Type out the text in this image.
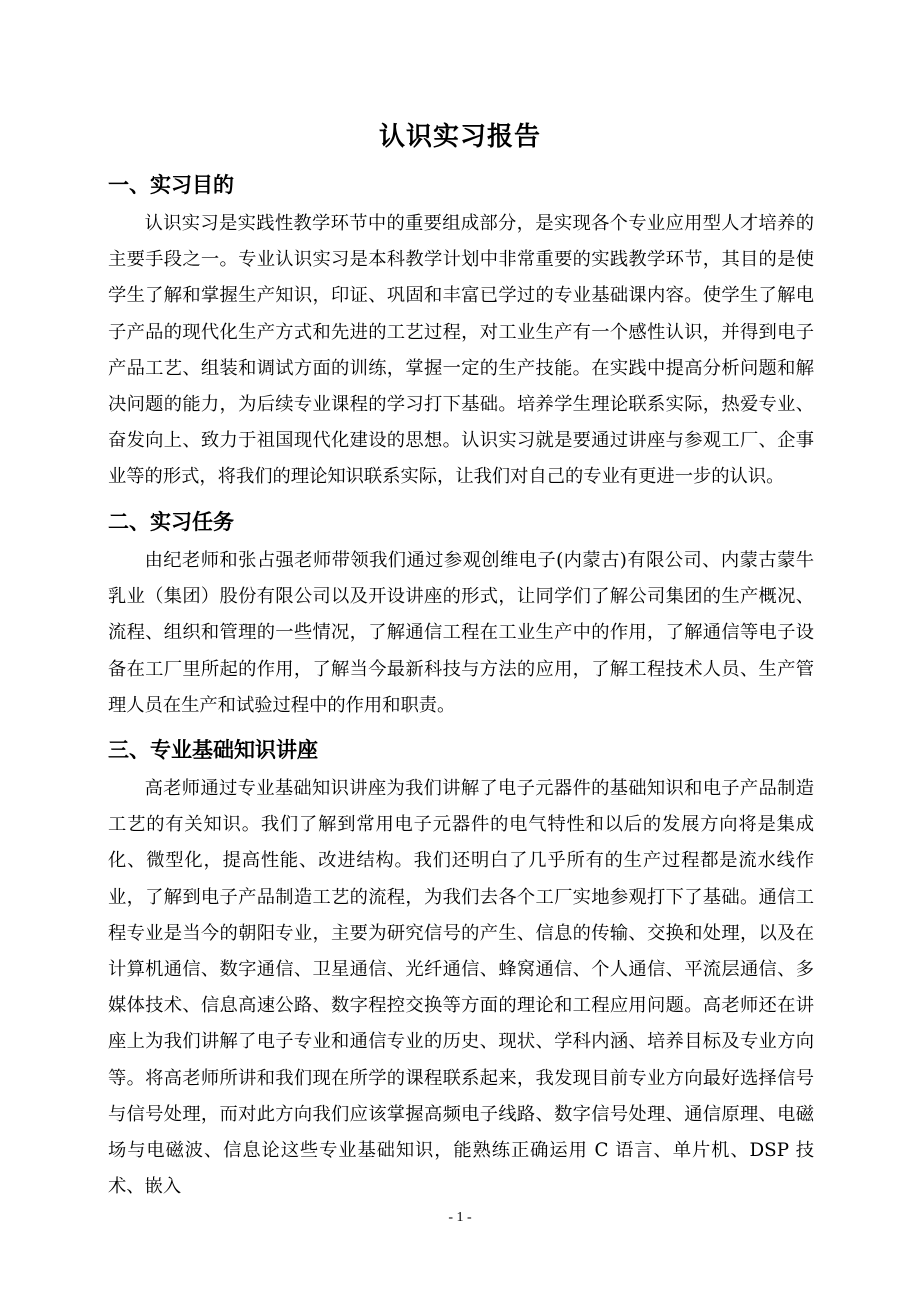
认识实习报告
一、实习目的
认识实习是实践性教学环节中的重要组成部分，是实现各个专业应用型人才培养的主要手段之一。专业认识实习是本科教学计划中非常重要的实践教学环节，其目的是使学生了解和掌握生产知识，印证、巩固和丰富已学过的专业基础课内容。使学生了解电子产品的现代化生产方式和先进的工艺过程，对工业生产有一个感性认识，并得到电子产品工艺、组装和调试方面的训练，掌握一定的生产技能。在实践中提高分析问题和解决问题的能力，为后续专业课程的学习打下基础。培养学生理论联系实际，热爱专业、奋发向上、致力于祖国现代化建设的思想。认识实习就是要通过讲座与参观工厂、企事业等的形式，将我们的理论知识联系实际，让我们对自己的专业有更进一步的认识。
二、实习任务
由纪老师和张占强老师带领我们通过参观创维电子(内蒙古)有限公司、内蒙古蒙牛乳业（集团）股份有限公司以及开设讲座的形式，让同学们了解公司集团的生产概况、流程、组织和管理的一些情况，了解通信工程在工业生产中的作用，了解通信等电子设备在工厂里所起的作用，了解当今最新科技与方法的应用，了解工程技术人员、生产管理人员在生产和试验过程中的作用和职责。
三、专业基础知识讲座
高老师通过专业基础知识讲座为我们讲解了电子元器件的基础知识和电子产品制造工艺的有关知识。我们了解到常用电子元器件的电气特性和以后的发展方向将是集成化、微型化，提高性能、改进结构。我们还明白了几乎所有的生产过程都是流水线作业，了解到电子产品制造工艺的流程，为我们去各个工厂实地参观打下了基础。通信工程专业是当今的朝阳专业，主要为研究信号的产生、信息的传输、交换和处理，以及在计算机通信、数字通信、卫星通信、光纤通信、蜂窝通信、个人通信、平流层通信、多媒体技术、信息高速公路、数字程控交换等方面的理论和工程应用问题。高老师还在讲座上为我们讲解了电子专业和通信专业的历史、现状、学科内涵、培养目标及专业方向等。将高老师所讲和我们现在所学的课程联系起来，我发现目前专业方向最好选择信号与信号处理，而对此方向我们应该掌握高频电子线路、数字信号处理、通信原理、电磁场与电磁波、信息论这些专业基础知识，能熟练正确运用 C 语言、单片机、DSP 技术、嵌入
- 1 -
